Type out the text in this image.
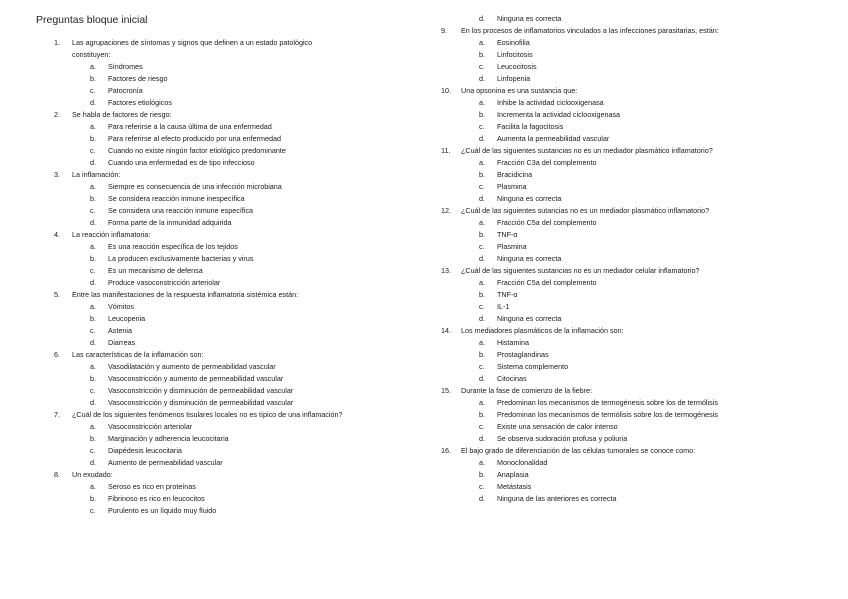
Preguntas bloque inicial
1.	Las agrupaciones de síntomas y signos que definen a un estado patológico
constituyen:
a.	Síndromes
b.	Factores de riesgo
c.	Patocronía
d.	Factores etiológicos
2.	Se habla de factores de riesgo:
a.	Para referirse a la causa última de una enfermedad
b.	Para referirse al efecto producido por una enfermedad
c.	Cuando no existe ningún factor etiológico predominante
d.	Cuando una enfermedad es de tipo infeccioso
3.	La inflamación:
a.	Siempre es consecuencia de una infección microbiana
b.	Se considera reacción inmune inespecífica
c.	Se considera una reacción inmune específica
d.	Forma parte de la inmunidad adquirida
4.	La reacción inflamatoria:
a.	Es una reacción específica de los tejidos
b.	La producen exclusivamente bacterias y virus
c.	Es un mecanismo de defensa
d.	Produce vasoconstricción arteriolar
5.	Entre las manifestaciones de la respuesta inflamatoria sistémica están:
a.	Vómitos
b.	Leucopenia
c.	Astenia
d.	Diarreas
6.	Las características de la inflamación son:
a.	Vasodilatación y aumento de permeabilidad vascular
b.	Vasoconstricción y aumento de permeabilidad vascular
c.	Vasoconstricción y disminución de permeabilidad vascular
d.	Vasoconstricción y disminución de permeabilidad vascular
7.	¿Cuál de los siguientes fenómenos tisulares locales no es típico de una inflamación?
a.	Vasoconstricción arteriolar
b.	Marginación y adherencia leucocitaria
c.	Diapédesis leucocitaria
d.	Aumento de permeabilidad vascular
8.	Un exudado:
a.	Seroso es rico en proteínas
b.	Fibrinoso es rico en leucocitos
c.	Purulento es un líquido muy fluido
d.	Ninguna es correcta
9.	En los procesos de inflamatorios vinculados a las infecciones parasitarias, están:
a.	Eosinofilia
b.	Linfocitosis
c.	Leucocitosis
d.	Linfopenia
10.	Una opsonina es una sustancia que:
a.	Inhibe la actividad ciclooxigenasa
b.	Incrementa la actividad ciclooxigenasa
c.	Facilita la fagocitosis
d.	Aumenta la permeabilidad vascular
11.	¿Cuál de las siguientes sustancias no es un mediador plasmático inflamatorio?
a.	Fracción C3a del complemento
b.	Bracidicina
c.	Plasmina
d.	Ninguna es correcta
12.	¿Cuál de las siguientes sutancias no es un mediador plasmático inflamatorio?
a.	Fracción C5a del complemento
b.	TNF-α
c.	Plasmina
d.	Ninguna es correcta
13.	¿Cuál de las siguientes sustancias no es un mediador celular inflamatorio?
a.	Fracción C5a del complemento
b.	TNF-α
c.	IL-1
d.	Ninguna es correcta
14.	Los mediadores plasmáticos de la inflamación son:
a.	Histamina
b.	Prostaglandinas
c.	Sistema complemento
d.	Citocinas
15.	Durante la fase de comienzo de la fiebre:
a.	Predominan los mecanismos de termogénesis sobre los de termólisis
b.	Predominan los mecanismos de termólisis sobre los de termogénesis
c.	Existe una sensación de calor intenso
d.	Se observa sudoración profusa y poliuria
16.	El bajo grado de diferenciación de las células tumorales se conoce como:
a.	Monoclonalidad
b.	Anaplasia
c.	Metástasis
d.	Ninguna de las anteriores es correcta
